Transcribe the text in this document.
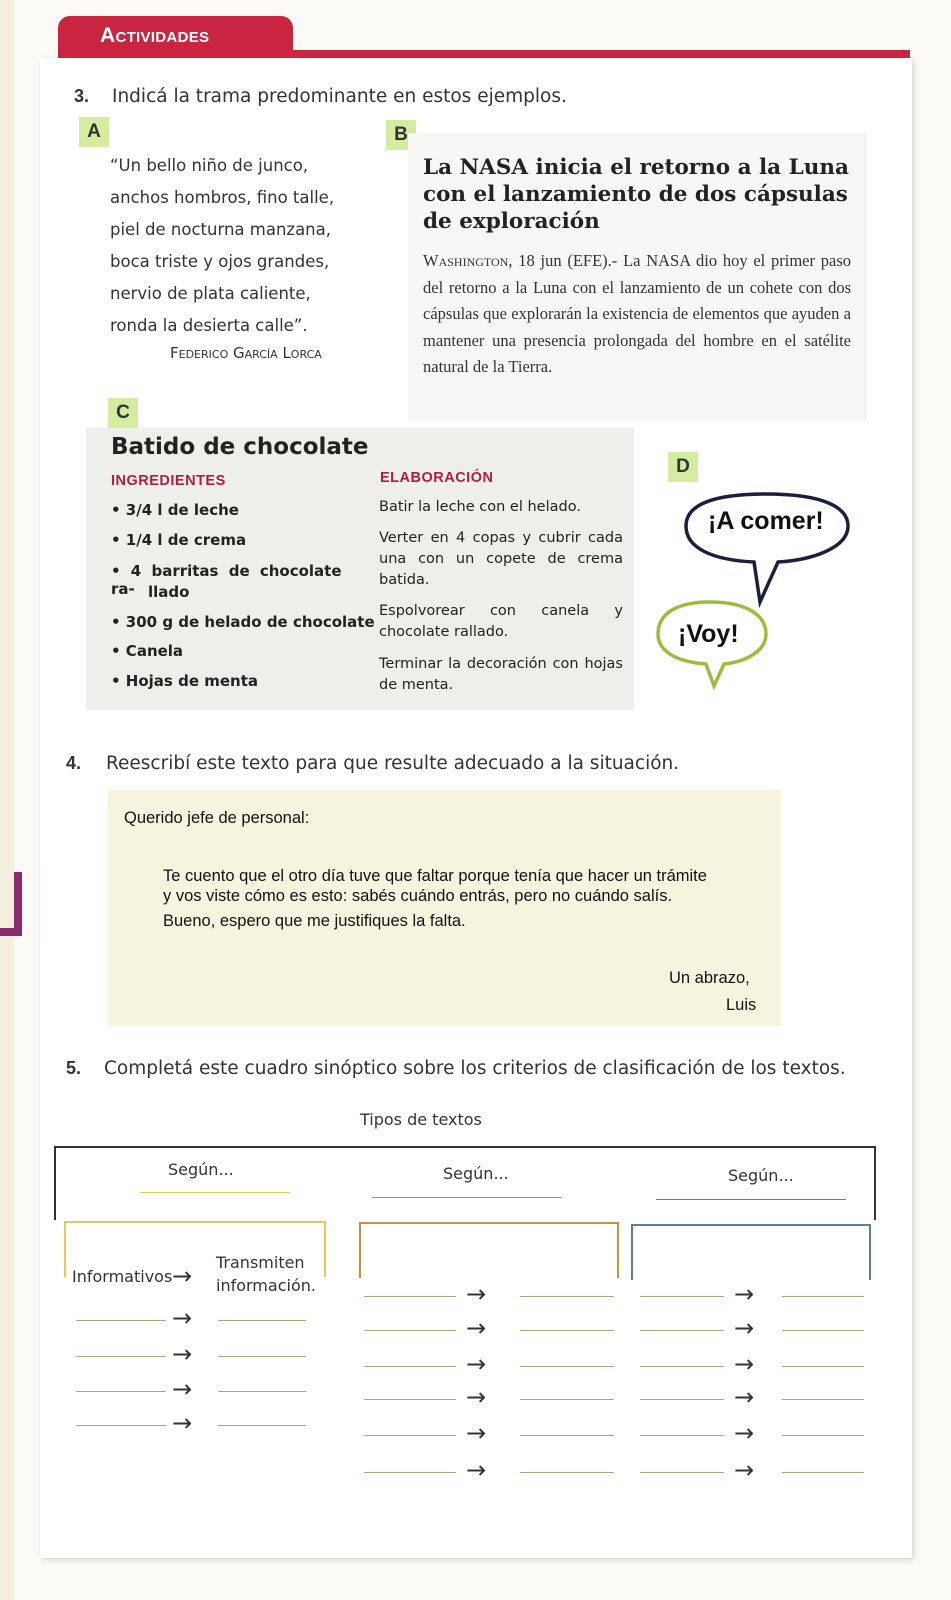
Actividades
3. Indicá la trama predominante en estos ejemplos.
A	B
“Un bello niño de junco,
anchos hombros, fino talle,
piel de nocturna manzana,
boca triste y ojos grandes,
nervio de plata caliente,
ronda la desierta calle”.
Federico García Lorca
La NASA inicia el retorno a la Luna con el lanzamiento de dos cápsulas de exploración
Washington, 18 jun (EFE).- La NASA dio hoy el primer paso del retorno a la Luna con el lanzamiento de un cohete con dos cápsulas que explorarán la existencia de elementos que ayuden a mantener una presencia prolongada del hombre en el satélite natural de la Tierra.
C
Batido de chocolate
INGREDIENTES	ELABORACIÓN
• 3/4 l de leche
• 1/4 l de crema
• 4 barritas de chocolate ra- llado
• 300 g de helado de chocolate
• Canela
• Hojas de menta
Batir la leche con el helado.
Verter en 4 copas y cubrir cada una con un copete de crema batida.
Espolvorear con canela y chocolate rallado.
Terminar la decoración con hojas de menta.
D
¡A comer!
¡Voy!
4. Reescribí este texto para que resulte adecuado a la situación.
Querido jefe de personal:
Te cuento que el otro día tuve que faltar porque tenía que hacer un trámite
y vos viste cómo es esto: sabés cuándo entrás, pero no cuándo salís.
Bueno, espero que me justifiques la falta.
Un abrazo,
Luis
5. Completá este cuadro sinóptico sobre los criterios de clasificación de los textos.
Tipos de textos
Según...	Según...	Según...
Informativos → Transmiten
información.
→
→
→
→
→
→
→
→
→
→
→
→
→
→
→
→
